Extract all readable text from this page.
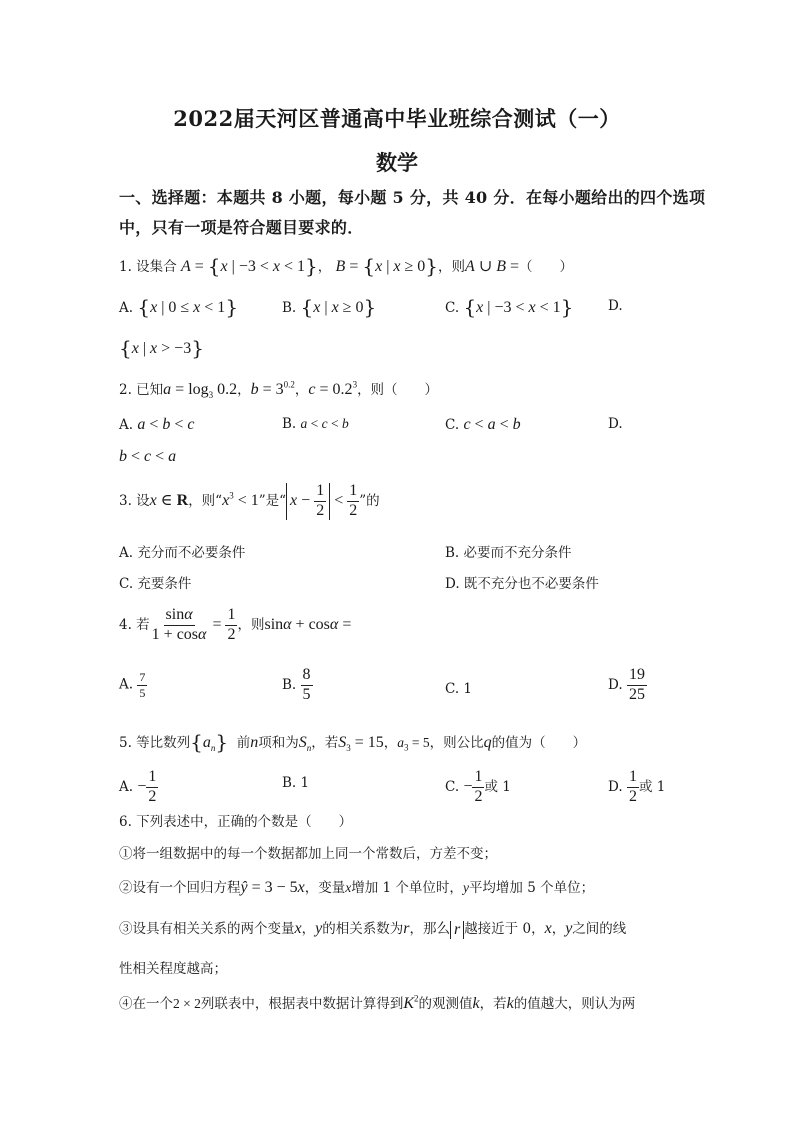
2022届天河区普通高中毕业班综合测试（一）
数学
一、选择题：本题共 8 小题，每小题 5 分，共 40 分．在每小题给出的四个选项
中，只有一项是符合题目要求的．
1. 设集合 A = {x | −3 < x < 1}， B = {x | x ≥ 0}，则A ∪ B =（　　）
A. {x | 0 ≤ x < 1}	B. {x | x ≥ 0}	C. {x | −3 < x < 1}	D.
{x | x > −3}
2. 已知$a = \log_3 0.2$，$b = 3^{0.2}$，$c = 0.2^3$，则（　　）
A. a < b < c	B. a < c < b	C. c < a < b	D.
b < c < a
3. 设x ∈ R，则“$x^3 < 1$”是“ $x - \frac{1}{2} < \frac{1}{2}$ ”的
A. 充分而不必要条件	B. 必要而不充分条件
C. 充要条件	D. 既不充分也不必要条件
4. 若 $\frac{\sin\alpha}{1 + \cos\alpha} = \frac{1}{2}$ ，则sinα + cosα =
A. $\frac{7}{5}$	B. $\frac{8}{5}$	C. 1	D. $\frac{19}{25}$
5. 等比数列$\{a_n\}$ 前n项和为$S_n$，若$S_3 = 15$，$a_3 = 5$，则公比q的值为（　　）
A. − $\frac{1}{2}$	B. 1	C. − $\frac{1}{2}$ 或 1	D. $\frac{1}{2}$ 或 1
6. 下列表述中，正确的个数是（　　）
①将一组数据中的每一个数据都加上同一个常数后，方差不变；
②设有一个回归方程ŷ = 3 − 5x，变量x增加 1 个单位时，y平均增加 5 个单位；
③设具有相关关系的两个变量x，y的相关系数为r，那么 r 越接近于 0，x，y之间的线
性相关程度越高；
④在一个2 × 2列联表中，根据表中数据计算得到$K^2$的观测值k，若k的值越大，则认为两
